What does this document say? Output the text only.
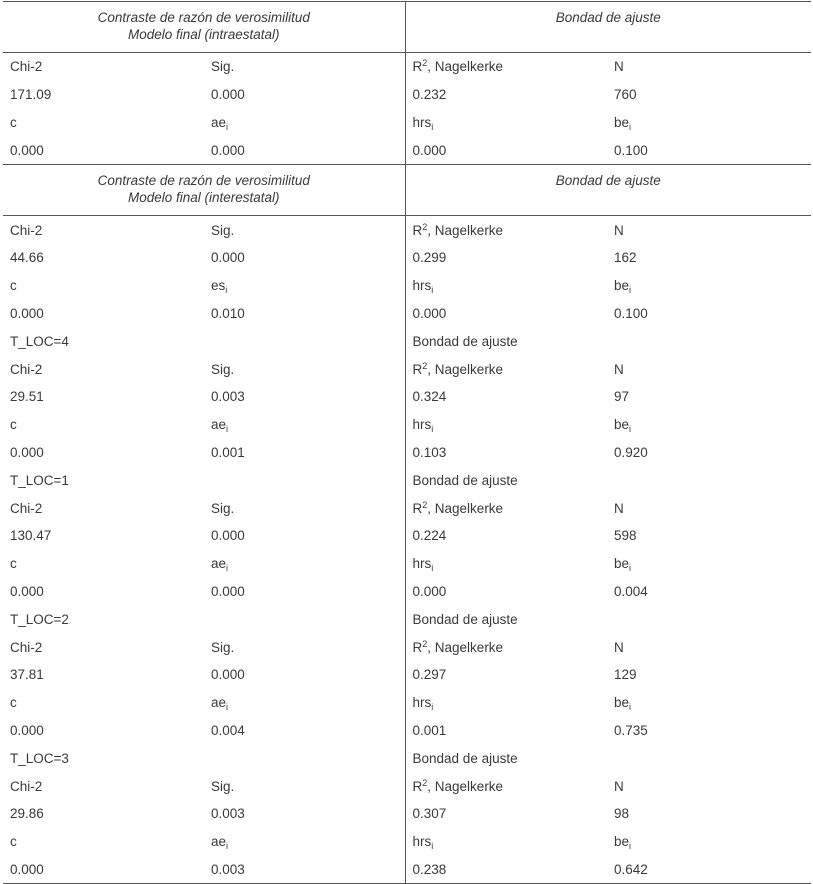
Contraste de razón de verosimilitud
Modelo final (intraestatal)		Bondad de ajuste	
Chi-2	Sig.	$R^2$, Nagelkerke	N
171.09	0.000	0.232	760
c	$ae_i$	hrs$_i$	$be_i$
0.000	0.000	0.000	0.100

Contraste de razón de verosimilitud
Modelo final (interestatal)		Bondad de ajuste	
Chi-2	Sig.	$R^2$, Nagelkerke	N
44.66	0.000	0.299	162
c	$es_i$	hrs$_i$	$be_i$
0.000	0.010	0.000	0.100
T_LOC=4		Bondad de ajuste	
Chi-2	Sig.	$R^2$, Nagelkerke	N
29.51	0.003	0.324	97
c	$ae_i$	hrs$_i$	$be_i$
0.000	0.001	0.103	0.920
T_LOC=1		Bondad de ajuste	
Chi-2	Sig.	$R^2$, Nagelkerke	N
130.47	0.000	0.224	598
c	$ae_i$	hrs$_i$	$be_i$
0.000	0.000	0.000	0.004
T_LOC=2		Bondad de ajuste	
Chi-2	Sig.	$R^2$, Nagelkerke	N
37.81	0.000	0.297	129
c	$ae_i$	hrs$_i$	$be_i$
0.000	0.004	0.001	0.735
T_LOC=3		Bondad de ajuste	
Chi-2	Sig.	$R^2$, Nagelkerke	N
29.86	0.003	0.307	98
c	$ae_i$	hrs$_i$	$be_i$
0.000	0.003	0.238	0.642
